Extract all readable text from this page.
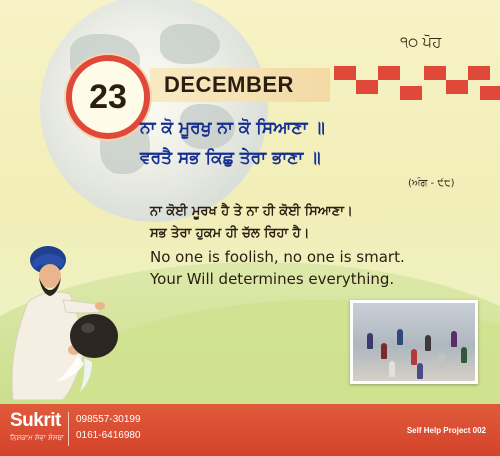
੧੦ ਪੋਹ
DECEMBER
23
ਨਾ ਕੋ ਮੂਰਖੁ ਨਾ ਕੋ ਸਿਆਣਾ ॥
ਵਰਤੈ ਸਭ ਕਿਛੁ ਤੇਰਾ ਭਾਣਾ ॥
(ਅੰਗ - ੯੮)
ਨਾ ਕੋਈ ਮੂਰਖ ਹੈ ਤੇ ਨਾ ਹੀ ਕੋਈ ਸਿਆਣਾ।
ਸਭ ਤੇਰਾ ਹੁਕਮ ਹੀ ਚੱਲ ਰਿਹਾ ਹੈ।
No one is foolish, no one is smart.
Your Will determines everything.
Sukrit
ਨਿਸ਼ਕਾਮ ਸੇਵਾ ਸੰਸਥਾ
098557-30199
0161-6416980	Self Help Project 002
